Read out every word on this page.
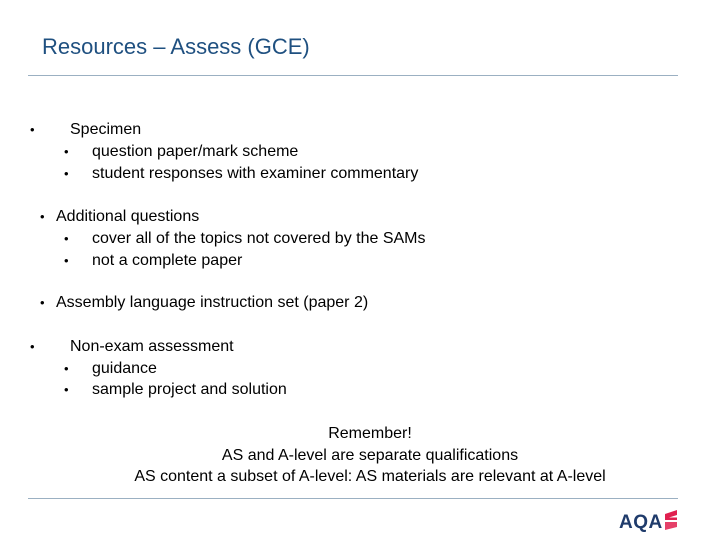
Resources – Assess (GCE)
• Specimen
• question paper/mark scheme
• student responses with examiner commentary
• Additional questions
• cover all of the topics not covered by the SAMs
• not a complete paper
• Assembly language instruction set (paper 2)
• Non-exam assessment
• guidance
• sample project and solution
Remember!
AS and A-level are separate qualifications
AS content a subset of A-level: AS materials are relevant at A-level
AQA
